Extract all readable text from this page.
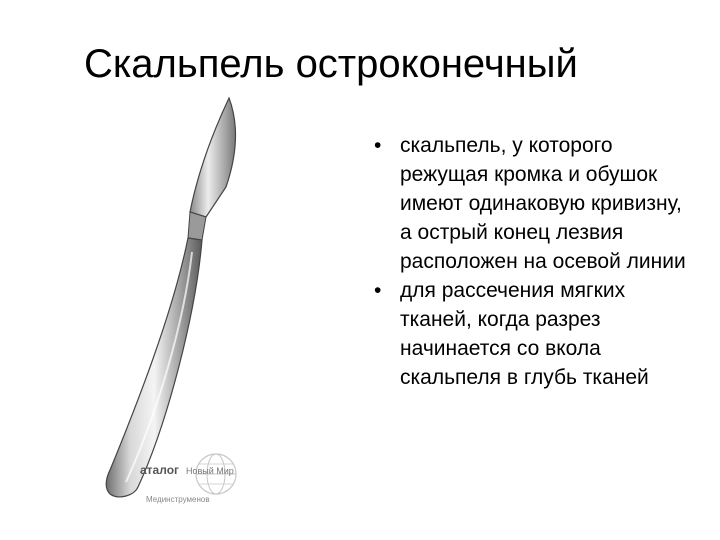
Скальпель остроконечный
аталог Новый Мир
Мединструменов
• скальпель, у которого режущая кромка и обушок имеют одинаковую кривизну, а острый конец лезвия расположен на осевой линии
• для рассечения мягких тканей, когда разрез начинается со вкола скальпеля в глубь тканей
